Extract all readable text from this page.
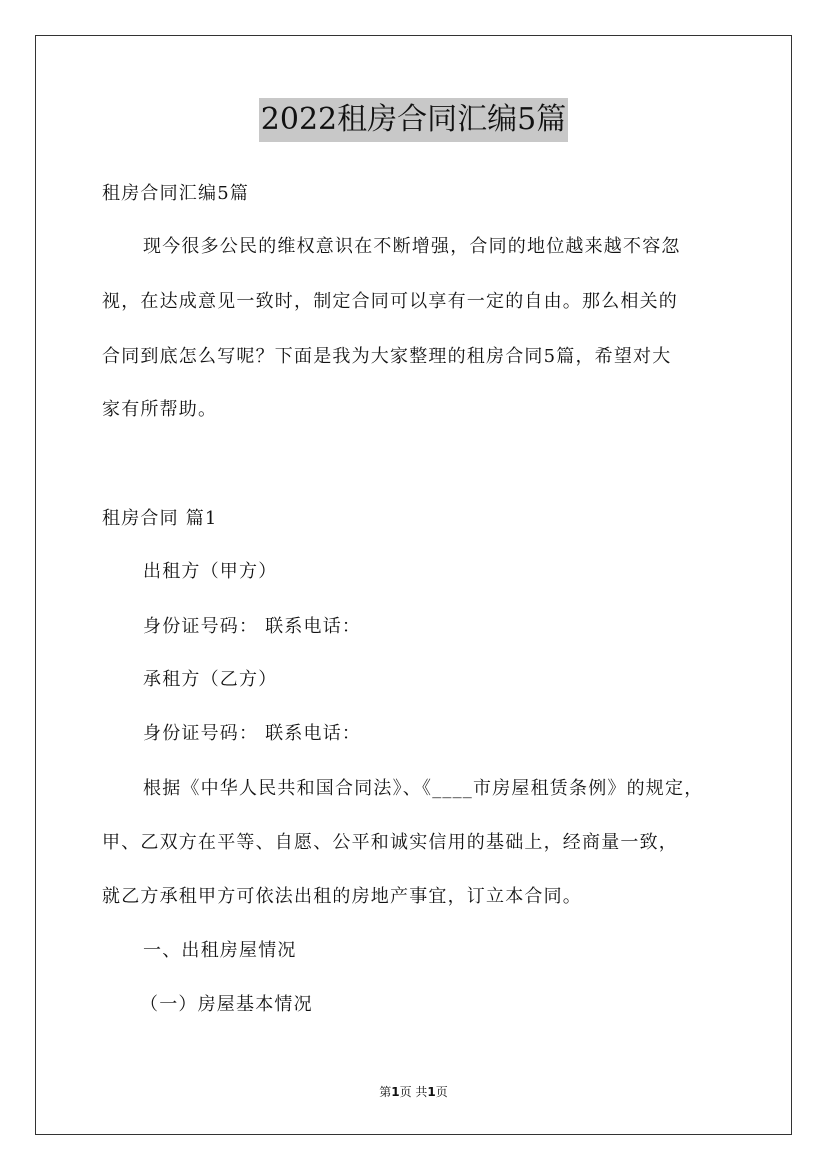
2022租房合同汇编5篇
租房合同汇编5篇
现今很多公民的维权意识在不断增强，合同的地位越来越不容忽
视，在达成意见一致时，制定合同可以享有一定的自由。那么相关的
合同到底怎么写呢？下面是我为大家整理的租房合同5篇，希望对大
家有所帮助。
租房合同 篇1
出租方（甲方）
身份证号码： 联系电话：
承租方（乙方）
身份证号码： 联系电话：
根据《中华人民共和国合同法》、《____市房屋租赁条例》的规定，
甲、乙双方在平等、自愿、公平和诚实信用的基础上，经商量一致，
就乙方承租甲方可依法出租的房地产事宜，订立本合同。
一、出租房屋情况
（一）房屋基本情况
第1页 共1页
